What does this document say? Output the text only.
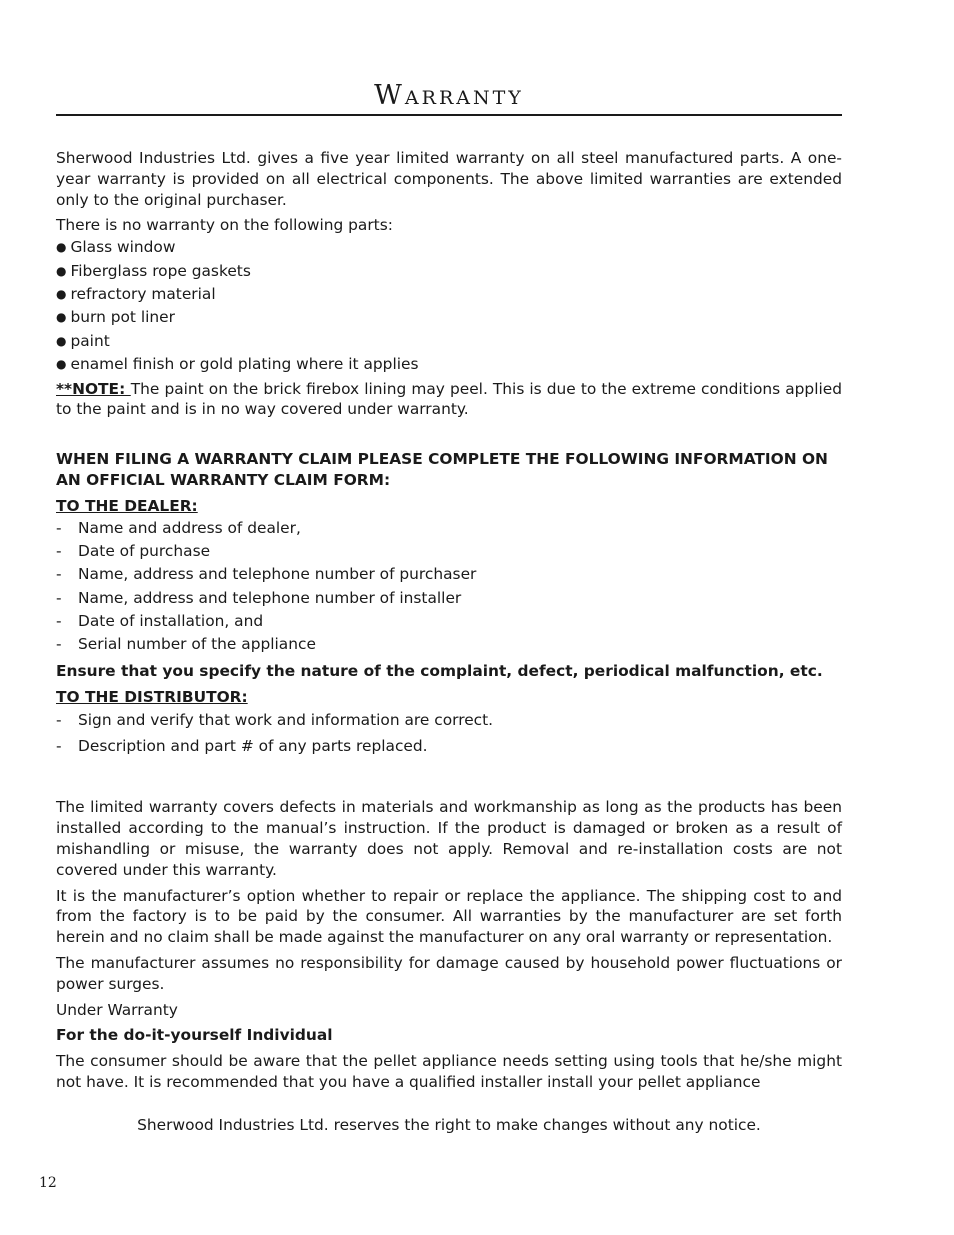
Warranty

Sherwood Industries Ltd. gives a five year limited warranty on all steel manufactured parts. A one-year warranty is provided on all electrical components. The above limited warranties are extended only to the original purchaser.

There is no warranty on the following parts:

● Glass window
● Fiberglass rope gaskets
● refractory material
● burn pot liner
● paint
● enamel finish or gold plating where it applies

**NOTE: The paint on the brick firebox lining may peel. This is due to the extreme conditions applied to the paint and is in no way covered under warranty.

WHEN FILING A WARRANTY CLAIM PLEASE COMPLETE THE FOLLOWING INFORMATION ON AN OFFICIAL WARRANTY CLAIM FORM:

TO THE DEALER:

- Name and address of dealer,
- Date of purchase
- Name, address and telephone number of purchaser
- Name, address and telephone number of installer
- Date of installation, and
- Serial number of the appliance

Ensure that you specify the nature of the complaint, defect, periodical malfunction, etc.

TO THE DISTRIBUTOR:

- Sign and verify that work and information are correct.
- Description and part # of any parts replaced.

The limited warranty covers defects in materials and workmanship as long as the products has been installed according to the manual’s instruction. If the product is damaged or broken as a result of mishandling or misuse, the warranty does not apply. Removal and re-installation costs are not covered under this warranty.

It is the manufacturer’s option whether to repair or replace the appliance. The shipping cost to and from the factory is to be paid by the consumer. All warranties by the manufacturer are set forth herein and no claim shall be made against the manufacturer on any oral warranty or representation.

The manufacturer assumes no responsibility for damage caused by household power fluctuations or power surges.

Under Warranty

For the do-it-yourself Individual

The consumer should be aware that the pellet appliance needs setting using tools that he/she might not have. It is recommended that you have a qualified installer install your pellet appliance

Sherwood Industries Ltd. reserves the right to make changes without any notice.
12
